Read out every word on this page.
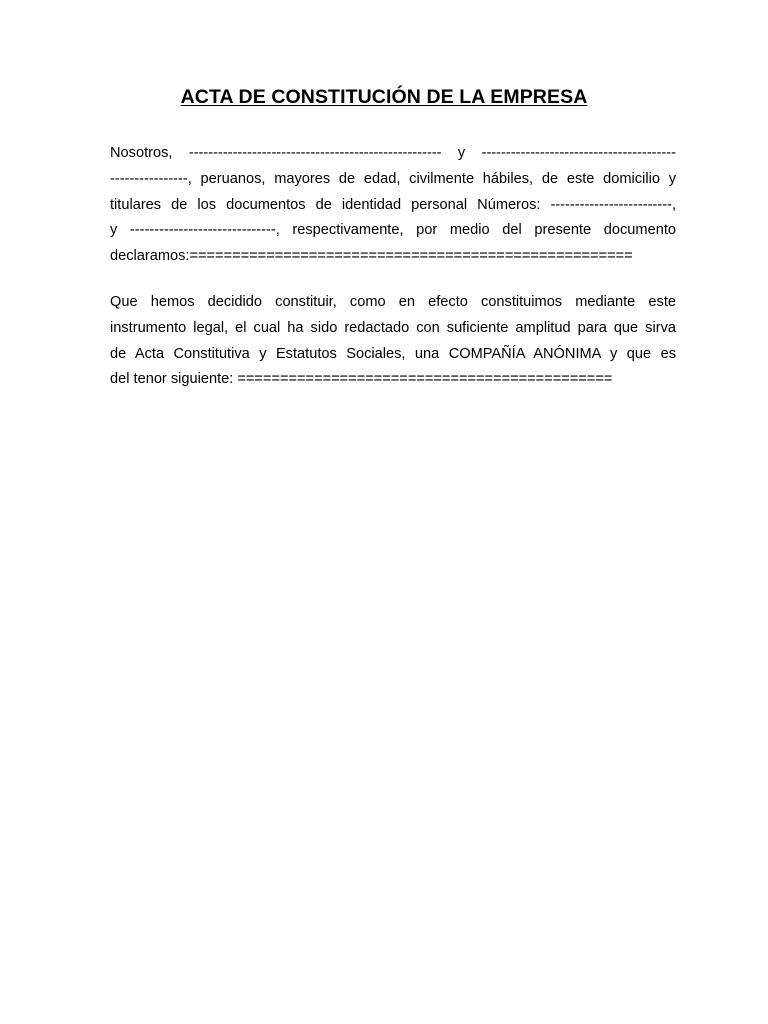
ACTA DE CONSTITUCIÓN DE LA EMPRESA

Nosotros, ---------------------------------------------------- y ----------------------------------------
----------------, peruanos, mayores de edad, civilmente hábiles, de este domicilio y
titulares de los documentos de identidad personal Números: -------------------------,
y ------------------------------, respectivamente, por medio del presente documento
declaramos:====================================================

Que hemos decidido constituir, como en efecto constituimos mediante este
instrumento legal, el cual ha sido redactado con suficiente amplitud para que sirva
de Acta Constitutiva y Estatutos Sociales, una COMPAÑÍA ANÓNIMA y que es
del tenor siguiente: ============================================
